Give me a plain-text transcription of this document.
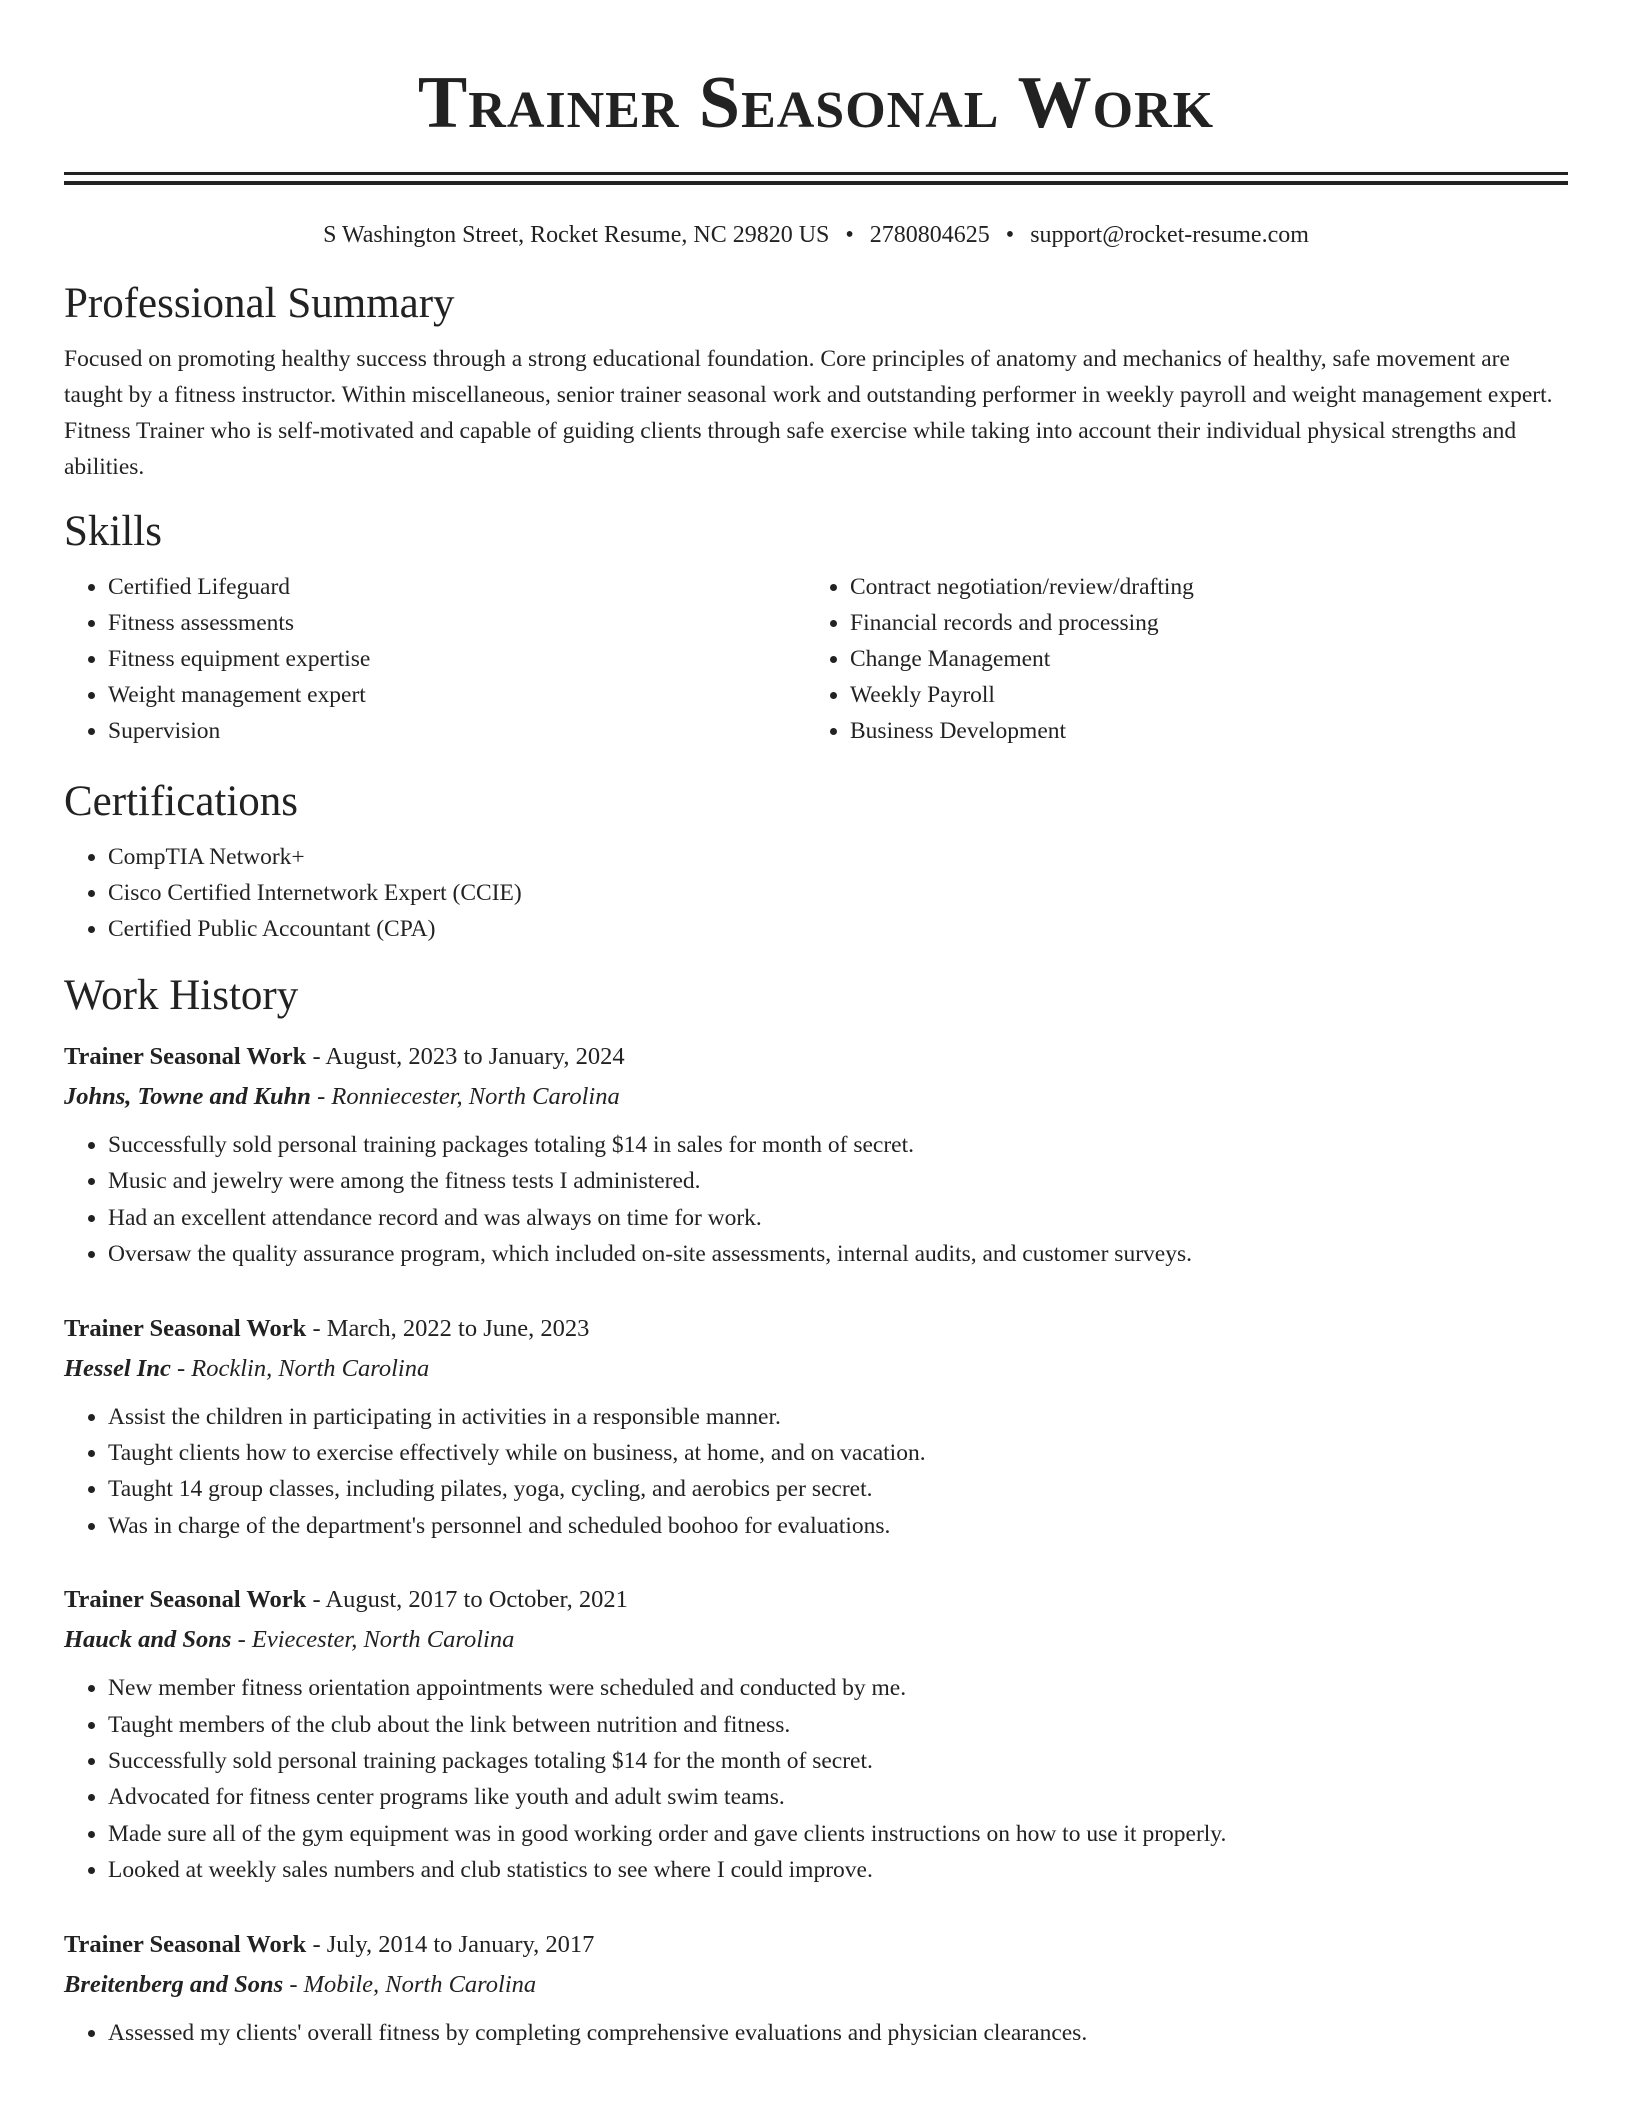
Trainer Seasonal Work
S Washington Street, Rocket Resume, NC 29820 US • 2780804625 • support@rocket-resume.com
Professional Summary
Focused on promoting healthy success through a strong educational foundation. Core principles of anatomy and mechanics of healthy, safe movement are taught by a fitness instructor. Within miscellaneous, senior trainer seasonal work and outstanding performer in weekly payroll and weight management expert. Fitness Trainer who is self-motivated and capable of guiding clients through safe exercise while taking into account their individual physical strengths and abilities.
Skills
• Certified Lifeguard
• Fitness assessments
• Fitness equipment expertise
• Weight management expert
• Supervision
• Contract negotiation/review/drafting
• Financial records and processing
• Change Management
• Weekly Payroll
• Business Development
Certifications
• CompTIA Network+
• Cisco Certified Internetwork Expert (CCIE)
• Certified Public Accountant (CPA)
Work History
Trainer Seasonal Work - August, 2023 to January, 2024
Johns, Towne and Kuhn - Ronniecester, North Carolina
• Successfully sold personal training packages totaling $14 in sales for month of secret.
• Music and jewelry were among the fitness tests I administered.
• Had an excellent attendance record and was always on time for work.
• Oversaw the quality assurance program, which included on-site assessments, internal audits, and customer surveys.
Trainer Seasonal Work - March, 2022 to June, 2023
Hessel Inc - Rocklin, North Carolina
• Assist the children in participating in activities in a responsible manner.
• Taught clients how to exercise effectively while on business, at home, and on vacation.
• Taught 14 group classes, including pilates, yoga, cycling, and aerobics per secret.
• Was in charge of the department's personnel and scheduled boohoo for evaluations.
Trainer Seasonal Work - August, 2017 to October, 2021
Hauck and Sons - Eviecester, North Carolina
• New member fitness orientation appointments were scheduled and conducted by me.
• Taught members of the club about the link between nutrition and fitness.
• Successfully sold personal training packages totaling $14 for the month of secret.
• Advocated for fitness center programs like youth and adult swim teams.
• Made sure all of the gym equipment was in good working order and gave clients instructions on how to use it properly.
• Looked at weekly sales numbers and club statistics to see where I could improve.
Trainer Seasonal Work - July, 2014 to January, 2017
Breitenberg and Sons - Mobile, North Carolina
• Assessed my clients' overall fitness by completing comprehensive evaluations and physician clearances.
